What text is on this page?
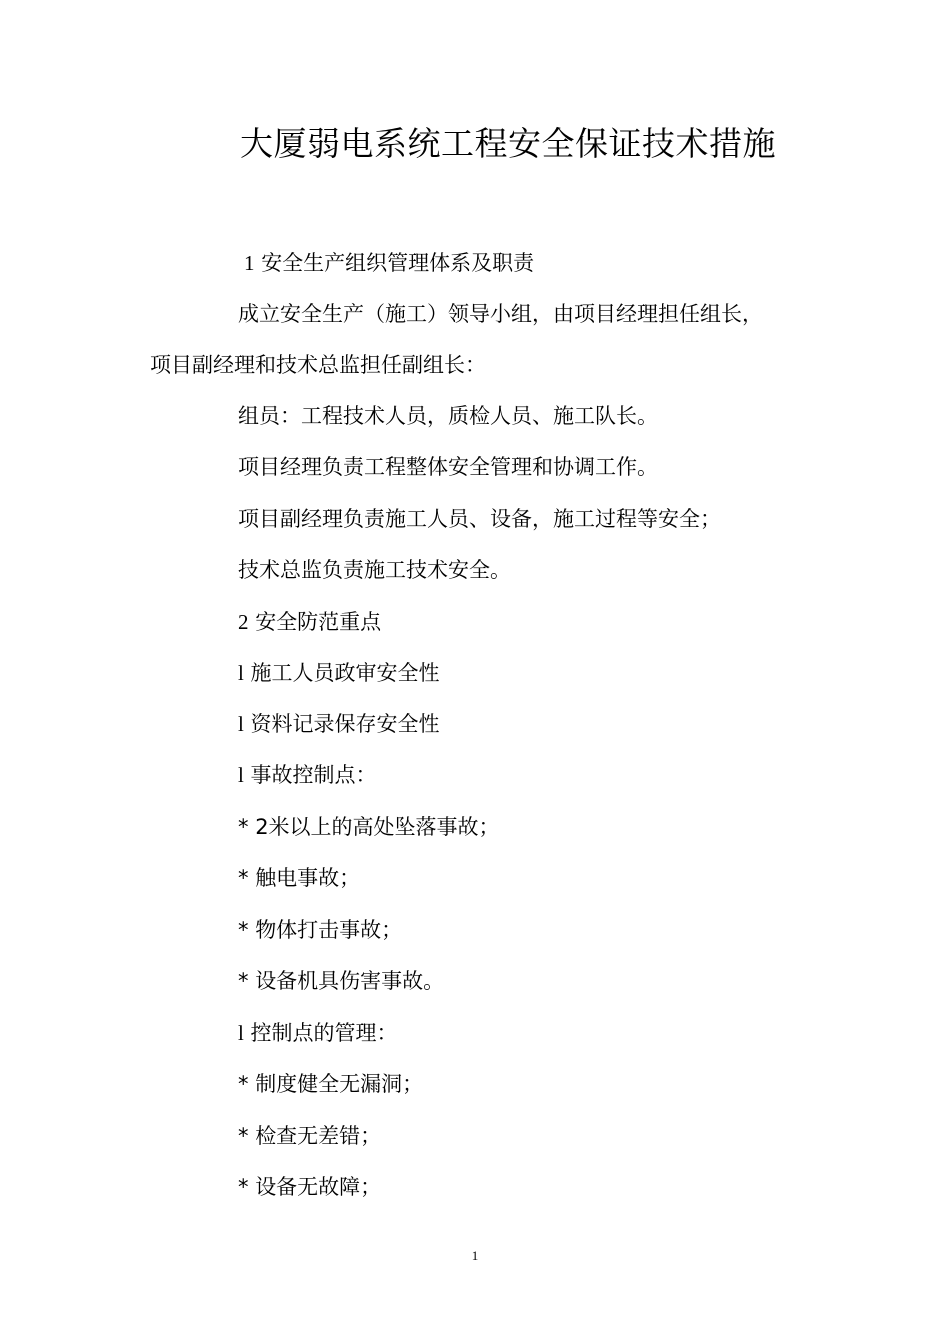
大厦弱电系统工程安全保证技术措施
1 安全生产组织管理体系及职责
成立安全生产（施工）领导小组，由项目经理担任组长，
项目副经理和技术总监担任副组长：
组员：工程技术人员，质检人员、施工队长。
项目经理负责工程整体安全管理和协调工作。
项目副经理负责施工人员、设备，施工过程等安全；
技术总监负责施工技术安全。
2 安全防范重点
l 施工人员政审安全性
l 资料记录保存安全性
l 事故控制点：
* 2米以上的高处坠落事故；
* 触电事故；
* 物体打击事故；
* 设备机具伤害事故。
l 控制点的管理：
* 制度健全无漏洞；
* 检查无差错；
* 设备无故障；
1
